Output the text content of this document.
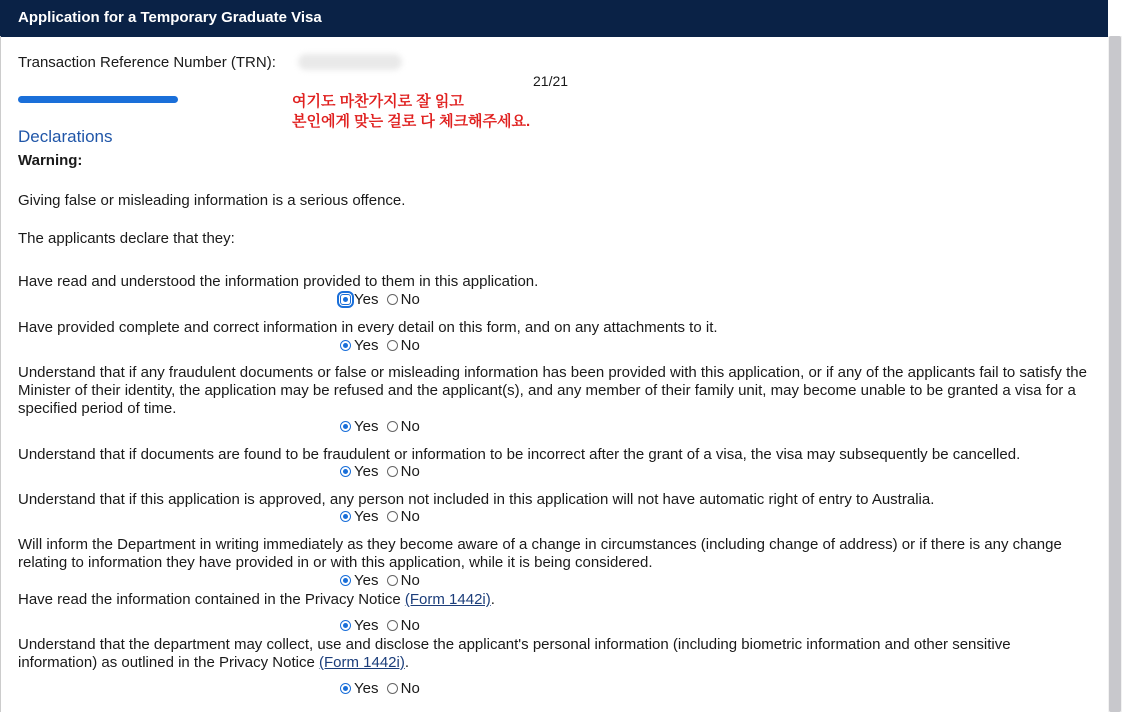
Application for a Temporary Graduate Visa
Transaction Reference Number (TRN):
21/21
여기도 마찬가지로 잘 읽고
본인에게 맞는 걸로 다 체크해주세요.
Declarations
Warning:
Giving false or misleading information is a serious offence.
The applicants declare that they:
Have read and understood the information provided to them in this application.
Yes No
Have provided complete and correct information in every detail on this form, and on any attachments to it.
Yes No
Understand that if any fraudulent documents or false or misleading information has been provided with this application, or if any of the applicants fail to satisfy the Minister of their identity, the application may be refused and the applicant(s), and any member of their family unit, may become unable to be granted a visa for a specified period of time.
Yes No
Understand that if documents are found to be fraudulent or information to be incorrect after the grant of a visa, the visa may subsequently be cancelled.
Yes No
Understand that if this application is approved, any person not included in this application will not have automatic right of entry to Australia.
Yes No
Will inform the Department in writing immediately as they become aware of a change in circumstances (including change of address) or if there is any change relating to information they have provided in or with this application, while it is being considered.
Yes No
Have read the information contained in the Privacy Notice (Form 1442i).
Yes No
Understand that the department may collect, use and disclose the applicant's personal information (including biometric information and other sensitive information) as outlined in the Privacy Notice (Form 1442i).
Yes No
